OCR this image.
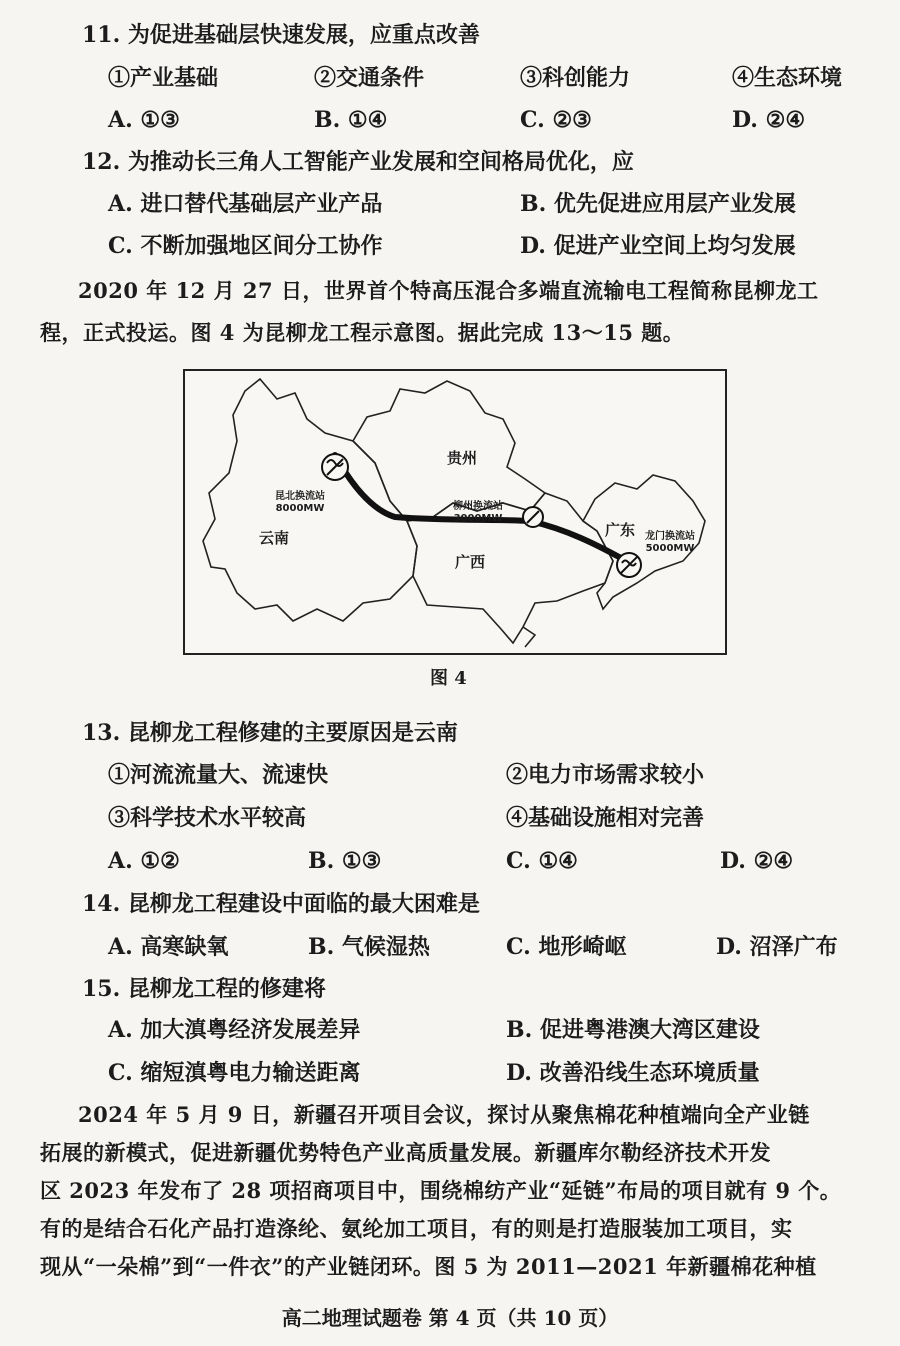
11. 为促进基础层快速发展，应重点改善
①产业基础	②交通条件	③科创能力	④生态环境
A. ①③	B. ①④	C. ②③	D. ②④
12. 为推动长三角人工智能产业发展和空间格局优化，应
A. 进口替代基础层产业产品	B. 优先促进应用层产业发展
C. 不断加强地区间分工协作	D. 促进产业空间上均匀发展
2020 年 12 月 27 日，世界首个特高压混合多端直流输电工程简称昆柳龙工
程，正式投运。图 4 为昆柳龙工程示意图。据此完成 13～15 题。
贵州
云南
广西
广东
昆北换流站
8000MW	柳州换流站
3000MW
龙门换流站
5000MW
图 4
13. 昆柳龙工程修建的主要原因是云南
①河流流量大、流速快	②电力市场需求较小
③科学技术水平较高	④基础设施相对完善
A. ①②	B. ①③	C. ①④	D. ②④
14. 昆柳龙工程建设中面临的最大困难是
A. 高寒缺氧	B. 气候湿热	C. 地形崎岖	D. 沼泽广布
15. 昆柳龙工程的修建将
A. 加大滇粤经济发展差异	B. 促进粤港澳大湾区建设
C. 缩短滇粤电力输送距离	D. 改善沿线生态环境质量
2024 年 5 月 9 日，新疆召开项目会议，探讨从聚焦棉花种植端向全产业链
拓展的新模式，促进新疆优势特色产业高质量发展。新疆库尔勒经济技术开发
区 2023 年发布了 28 项招商项目中，围绕棉纺产业“延链”布局的项目就有 9 个。
有的是结合石化产品打造涤纶、氨纶加工项目，有的则是打造服装加工项目，实
现从“一朵棉”到“一件衣”的产业链闭环。图 5 为 2011—2021 年新疆棉花种植
高二地理试题卷 第 4 页（共 10 页）
